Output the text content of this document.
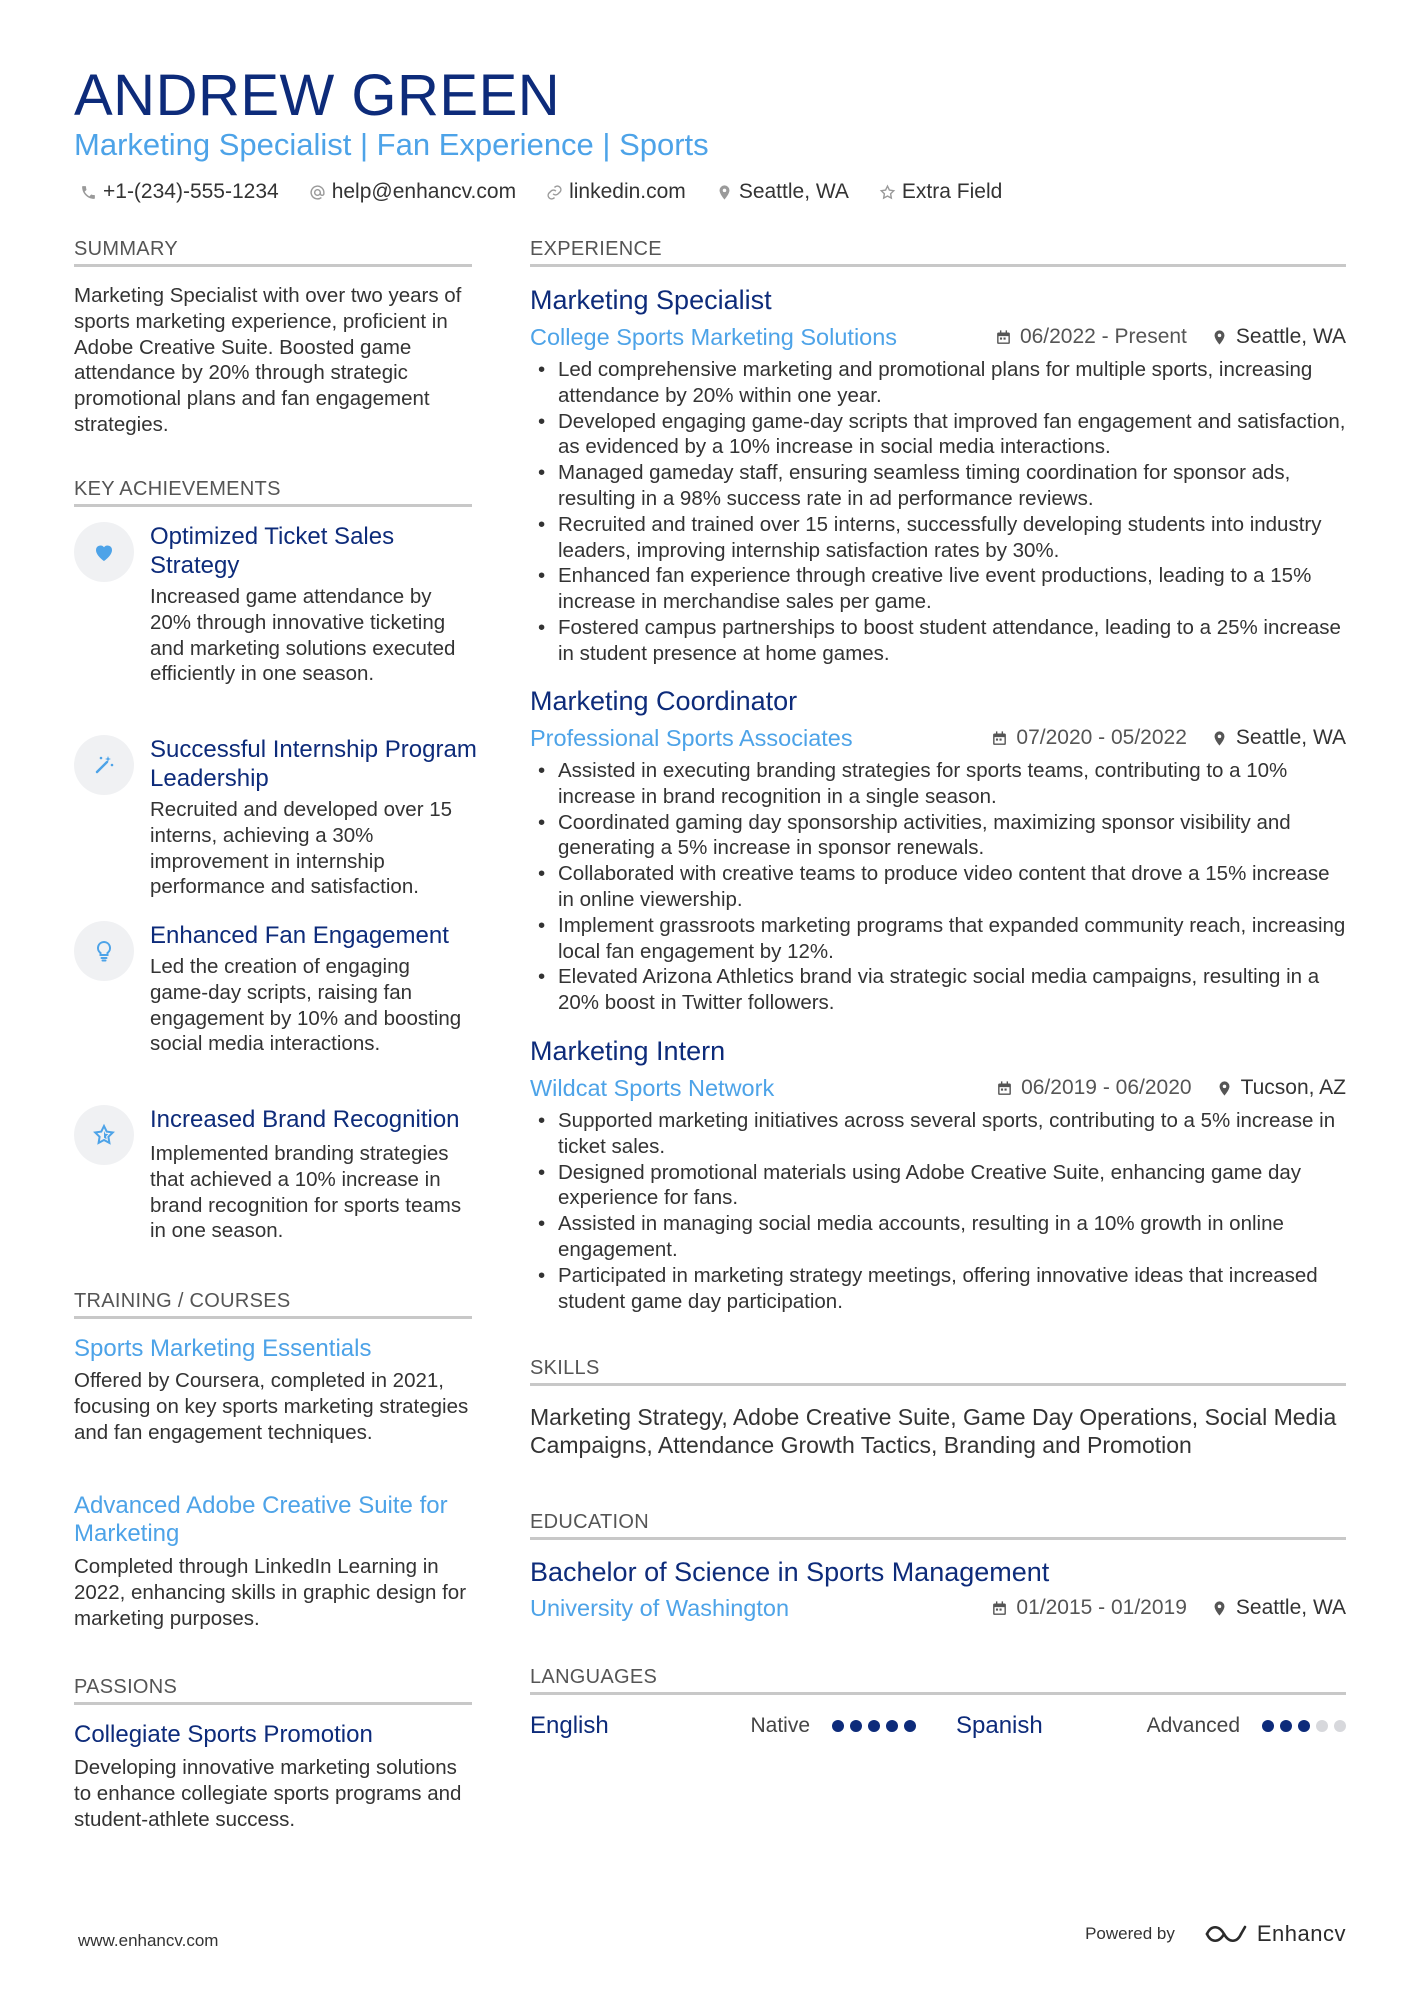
ANDREW GREEN
Marketing Specialist | Fan Experience | Sports
+1-(234)-555-1234	help@enhancv.com	linkedin.com	Seattle, WA	Extra Field
SUMMARY
Marketing Specialist with over two years of sports marketing experience, proficient in Adobe Creative Suite. Boosted game attendance by 20% through strategic promotional plans and fan engagement strategies.
KEY ACHIEVEMENTS
Optimized Ticket Sales Strategy
Increased game attendance by 20% through innovative ticketing and marketing solutions executed efficiently in one season.
Successful Internship Program Leadership
Recruited and developed over 15 interns, achieving a 30% improvement in internship performance and satisfaction.
Enhanced Fan Engagement
Led the creation of engaging game-day scripts, raising fan engagement by 10% and boosting social media interactions.
Increased Brand Recognition
Implemented branding strategies that achieved a 10% increase in brand recognition for sports teams in one season.
TRAINING / COURSES
Sports Marketing Essentials
Offered by Coursera, completed in 2021, focusing on key sports marketing strategies and fan engagement techniques.
Advanced Adobe Creative Suite for Marketing
Completed through LinkedIn Learning in 2022, enhancing skills in graphic design for marketing purposes.
PASSIONS
Collegiate Sports Promotion
Developing innovative marketing solutions to enhance collegiate sports programs and student-athlete success.
EXPERIENCE
Marketing Specialist
College Sports Marketing Solutions	06/2022 - Present Seattle, WA
• Led comprehensive marketing and promotional plans for multiple sports, increasing attendance by 20% within one year.
• Developed engaging game-day scripts that improved fan engagement and satisfaction, as evidenced by a 10% increase in social media interactions.
• Managed gameday staff, ensuring seamless timing coordination for sponsor ads, resulting in a 98% success rate in ad performance reviews.
• Recruited and trained over 15 interns, successfully developing students into industry leaders, improving internship satisfaction rates by 30%.
• Enhanced fan experience through creative live event productions, leading to a 15% increase in merchandise sales per game.
• Fostered campus partnerships to boost student attendance, leading to a 25% increase in student presence at home games.
Marketing Coordinator
Professional Sports Associates	07/2020 - 05/2022 Seattle, WA
• Assisted in executing branding strategies for sports teams, contributing to a 10% increase in brand recognition in a single season.
• Coordinated gaming day sponsorship activities, maximizing sponsor visibility and generating a 5% increase in sponsor renewals.
• Collaborated with creative teams to produce video content that drove a 15% increase in online viewership.
• Implement grassroots marketing programs that expanded community reach, increasing local fan engagement by 12%.
• Elevated Arizona Athletics brand via strategic social media campaigns, resulting in a 20% boost in Twitter followers.
Marketing Intern
Wildcat Sports Network	06/2019 - 06/2020 Tucson, AZ
• Supported marketing initiatives across several sports, contributing to a 5% increase in ticket sales.
• Designed promotional materials using Adobe Creative Suite, enhancing game day experience for fans.
• Assisted in managing social media accounts, resulting in a 10% growth in online engagement.
• Participated in marketing strategy meetings, offering innovative ideas that increased student game day participation.
SKILLS
Marketing Strategy, Adobe Creative Suite, Game Day Operations, Social Media Campaigns, Attendance Growth Tactics, Branding and Promotion
EDUCATION
Bachelor of Science in Sports Management
University of Washington	01/2015 - 01/2019 Seattle, WA
LANGUAGES
English	Native	Spanish	Advanced
www.enhancv.com	Powered by	Enhancv
